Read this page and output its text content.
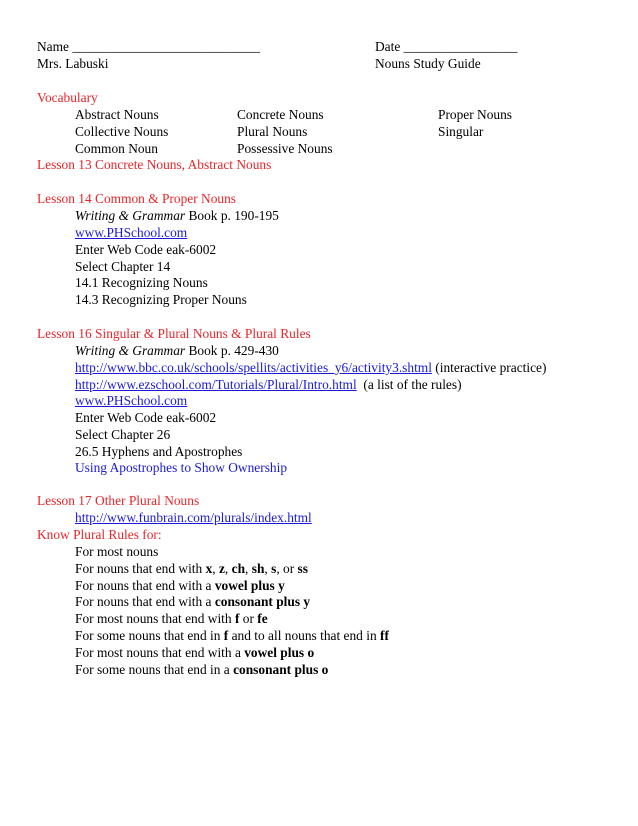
Name ____________________________	Date _________________
Mrs. Labuski	Nouns Study Guide
Vocabulary
Abstract Nouns
Collective Nouns
Common Noun
Concrete Nouns
Plural Nouns
Possessive Nouns
Proper Nouns
Singular
Lesson 13 Concrete Nouns, Abstract Nouns
Lesson 14 Common & Proper Nouns
Writing & Grammar Book p. 190-195
www.PHSchool.com
Enter Web Code eak-6002
Select Chapter 14
14.1 Recognizing Nouns
14.3 Recognizing Proper Nouns
Lesson 16 Singular & Plural Nouns & Plural Rules
Writing & Grammar Book p. 429-430
http://www.bbc.co.uk/schools/spellits/activities_y6/activity3.shtml (interactive practice)
http://www.ezschool.com/Tutorials/Plural/Intro.html  (a list of the rules)
www.PHSchool.com
Enter Web Code eak-6002
Select Chapter 26
26.5 Hyphens and Apostrophes
Using Apostrophes to Show Ownership
Lesson 17 Other Plural Nouns
http://www.funbrain.com/plurals/index.html
Know Plural Rules for:
For most nouns
For nouns that end with x, z, ch, sh, s, or ss
For nouns that end with a vowel plus y
For nouns that end with a consonant plus y
For most nouns that end with f or fe
For some nouns that end in f and to all nouns that end in ff
For most nouns that end with a vowel plus o
For some nouns that end in a consonant plus o
